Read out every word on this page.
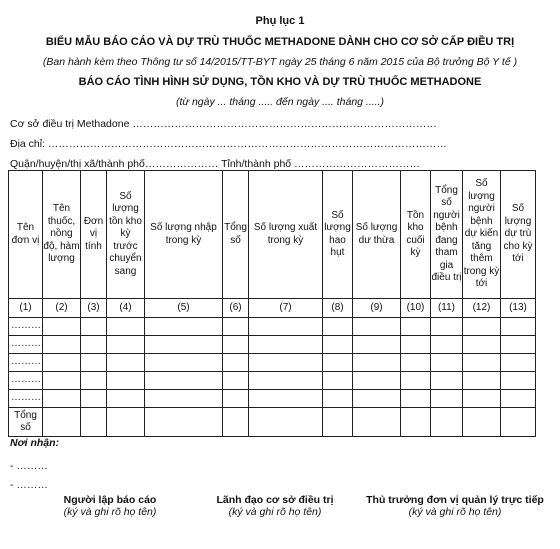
Phụ lục 1
BIỂU MẪU BÁO CÁO VÀ DỰ TRÙ THUỐC METHADONE DÀNH CHO CƠ SỞ CẤP ĐIỀU TRỊ
(Ban hành kèm theo Thông tư số 14/2015/TT-BYT ngày 25 tháng 6 năm 2015 của Bộ trưởng Bộ Y tế )
BÁO CÁO TÌNH HÌNH SỬ DỤNG, TỒN KHO VÀ DỰ TRÙ THUỐC METHADONE
(từ ngày ... tháng ..... đến ngày .... tháng .....)
Cơ sở điều trị Methadone ……………………………………………………………………………
Địa chỉ: ……………………………………………………………………………………………………
Quận/huyện/thị xã/thành phố………………… Tỉnh/thành phố ………………………………
Tên đơn vị	Tên thuốc, nồng độ, hàm lượng	Đơn vị tính	Số lượng tồn kho kỳ trước chuyển sang	Số lượng nhập trong kỳ	Tổng số	Số lượng xuất trong kỳ	Số lượng hao hụt	Số lượng dư thừa	Tồn kho cuối kỳ	Tổng số người bệnh đang tham gia điều trị	Số lượng người bệnh dự kiến tăng thêm trong kỳ tới	Số lượng dự trù cho kỳ tới
(1)	(2)	(3)	(4)	(5)	(6)	(7)	(8)	(9)	(10)	(11)	(12)	(13)
……….												
……….												
……….												
……….												
……….												
Tổng số												
Nơi nhận:
- ………
- ………
Người lập báo cáo
(ký và ghi rõ họ tên)
Lãnh đạo cơ sở điều trị
(ký và ghi rõ họ tên)
Thủ trưởng đơn vị quản lý trực tiếp
(ký và ghi rõ họ tên)
